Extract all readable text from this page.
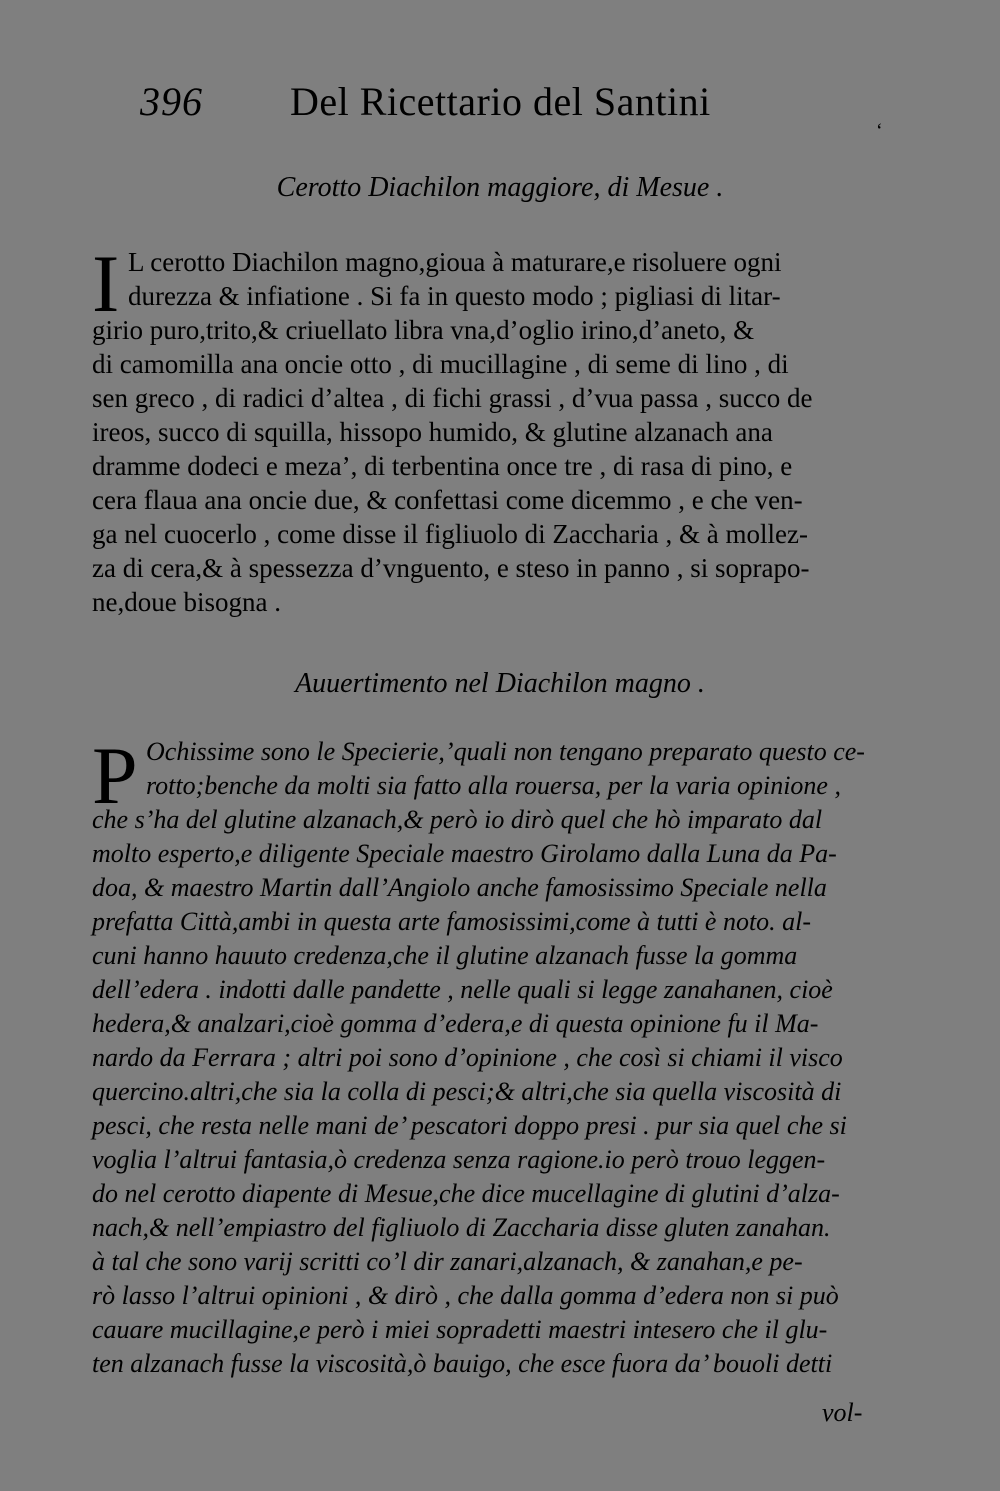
396 Del Ricettario del Santini
‘
Cerotto Diachilon maggiore, di Mesue .
I L cerotto Diachilon magno,gioua à maturare,e risoluere ogni
durezza & infiatione . Si fa in questo modo ; pigliasi di litar-
girio puro,trito,& criuellato libra vna,d’oglio irino,d’aneto, &
di camomilla ana oncie otto , di mucillagine , di seme di lino , di
sen greco , di radici d’altea , di fichi grassi , d’vua passa , succo de
ireos, succo di squilla, hissopo humido, & glutine alzanach ana
dramme dodeci e meza’, di terbentina once tre , di rasa di pino, e
cera flaua ana oncie due, & confettasi come dicemmo , e che ven-
ga nel cuocerlo , come disse il figliuolo di Zaccharia , & à mollez-
za di cera,& à spessezza d’vnguento, e steso in panno , si soprapo-
ne,doue bisogna .
Auuertimento nel Diachilon magno .
P Ochissime sono le Specierie,’quali non tengano preparato questo ce-
rotto;benche da molti sia fatto alla rouersa, per la varia opinione ,
che s’ha del glutine alzanach,& però io dirò quel che hò imparato dal
molto esperto,e diligente Speciale maestro Girolamo dalla Luna da Pa-
doa, & maestro Martin dall’Angiolo anche famosissimo Speciale nella
prefatta Città,ambi in questa arte famosissimi,come à tutti è noto. al-
cuni hanno hauuto credenza,che il glutine alzanach fusse la gomma
dell’edera . indotti dalle pandette , nelle quali si legge zanahanen, cioè
hedera,& analzari,cioè gomma d’edera,e di questa opinione fu il Ma-
nardo da Ferrara ; altri poi sono d’opinione , che così si chiami il visco
quercino.altri,che sia la colla di pesci;& altri,che sia quella viscosità di
pesci, che resta nelle mani de’ pescatori doppo presi . pur sia quel che si
voglia l’altrui fantasia,ò credenza senza ragione.io però trouo leggen-
do nel cerotto diapente di Mesue,che dice mucellagine di glutini d’alza-
nach,& nell’empiastro del figliuolo di Zaccharia disse gluten zanahan.
à tal che sono varij scritti co’l dir zanari,alzanach, & zanahan,e pe-
rò lasso l’altrui opinioni , & dirò , che dalla gomma d’edera non si può
cauare mucillagine,e però i miei sopradetti maestri intesero che il glu-
ten alzanach fusse la viscosità,ò bauigo, che esce fuora da’ bouoli detti
vol-
